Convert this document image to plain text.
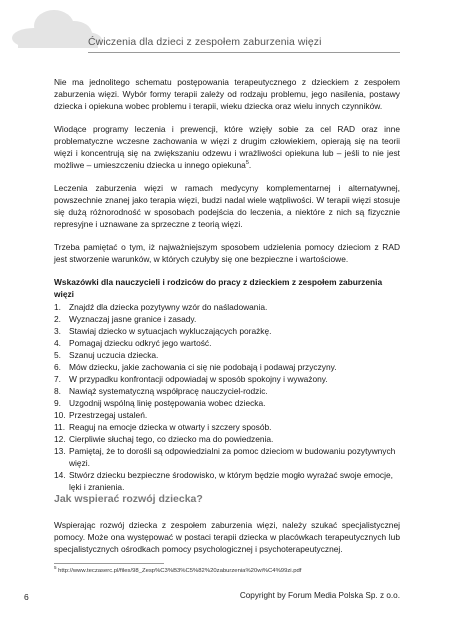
Ćwiczenia dla dzieci z zespołem zaburzenia więzi

Nie ma jednolitego schematu postępowania terapeutycznego z dzieckiem z zespołem zaburzenia więzi. Wybór formy terapii zależy od rodzaju problemu, jego nasilenia, postawy dziecka i opiekuna wobec problemu i terapii, wieku dziecka oraz wielu innych czynników.

Wiodące programy leczenia i prewencji, które wzięły sobie za cel RAD oraz inne problematyczne wczesne zachowania w więzi z drugim człowiekiem, opierają się na teorii więzi i koncentrują się na zwiększaniu odzewu i wrażliwości opiekuna lub – jeśli to nie jest możliwe – umieszczeniu dziecka u innego opiekuna$^5$.

Leczenia zaburzenia więzi w ramach medycyny komplementarnej i alternatywnej, powszechnie znanej jako terapia więzi, budzi nadal wiele wątpliwości. W terapii więzi stosuje się dużą różnorodność w sposobach podejścia do leczenia, a niektóre z nich są fizycznie represyjne i uznawane za sprzeczne z teorią więzi.

Trzeba pamiętać o tym, iż najważniejszym sposobem udzielenia pomocy dzieciom z RAD jest stworzenie warunków, w których czułyby się one bezpieczne i wartościowe.

Wskazówki dla nauczycieli i rodziców do pracy z dzieckiem z zespołem zaburzenia więzi
1. Znajdź dla dziecka pozytywny wzór do naśladowania.
2. Wyznaczaj jasne granice i zasady.
3. Stawiaj dziecko w sytuacjach wykluczających porażkę.
4. Pomagaj dziecku odkryć jego wartość.
5. Szanuj uczucia dziecka.
6. Mów dziecku, jakie zachowania ci się nie podobają i podawaj przyczyny.
7. W przypadku konfrontacji odpowiadaj w sposób spokojny i wyważony.
8. Nawiąż systematyczną współpracę nauczyciel-rodzic.
9. Uzgodnij wspólną linię postępowania wobec dziecka.
10. Przestrzegaj ustaleń.
11. Reaguj na emocje dziecka w otwarty i szczery sposób.
12. Cierpliwie słuchaj tego, co dziecko ma do powiedzenia.
13. Pamiętaj, że to dorośli są odpowiedzialni za pomoc dzieciom w budowaniu pozytywnych więzi.
14. Stwórz dziecku bezpieczne środowisko, w którym będzie mogło wyrażać swoje emocje, lęki i zranienia.
Jak wspierać rozwój dziecka?
Wspierając rozwój dziecka z zespołem zaburzenia więzi, należy szukać specjalistycznej pomocy. Może ona występować w postaci terapii dziecka w placówkach terapeutycznych lub specjalistycznych ośrodkach pomocy psychologicznej i psychoterapeutycznej.
$^5$ http://www.teczaserc.pl/files/98_Zesp%C3%B3%C5%82%20zaburzenia%20wi%C4%99zi.pdf
6	Copyright by Forum Media Polska Sp. z o.o.
